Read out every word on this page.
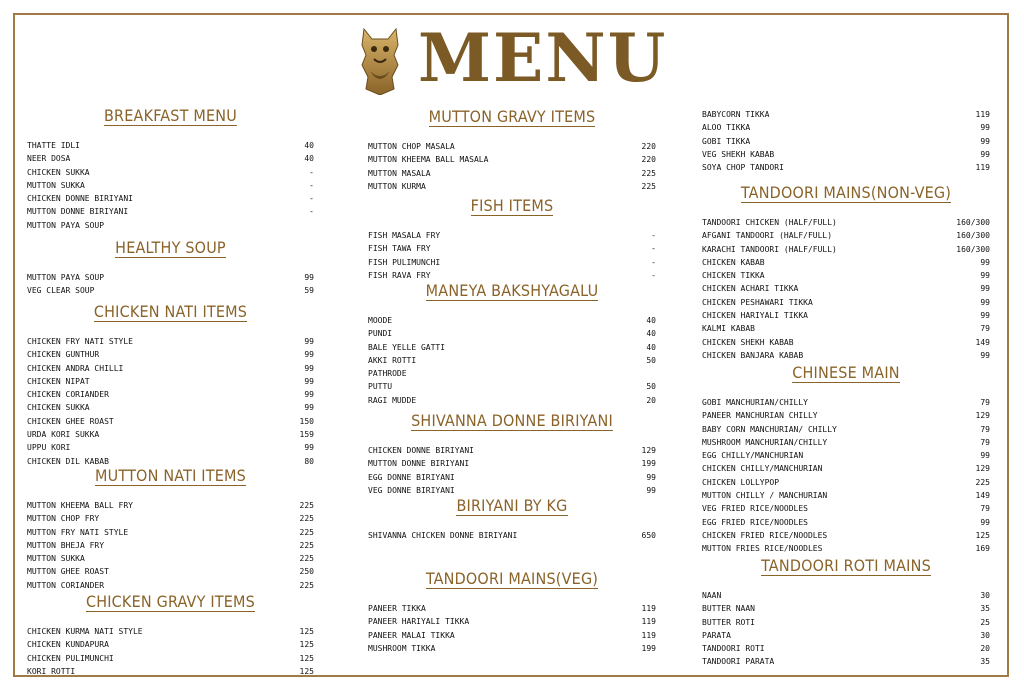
MENU
BREAKFAST MENU
THATTE IDLI	40
NEER DOSA	40
CHICKEN SUKKA	-
MUTTON SUKKA	-
CHICKEN DONNE BIRIYANI	-
MUTTON DONNE BIRIYANI	-
MUTTON PAYA SOUP
HEALTHY SOUP
MUTTON PAYA SOUP	99
VEG CLEAR SOUP	59
CHICKEN NATI ITEMS
CHICKEN FRY NATI STYLE	99
CHICKEN GUNTHUR	99
CHICKEN ANDRA CHILLI	99
CHICKEN NIPAT	99
CHICKEN CORIANDER	99
CHICKEN SUKKA	99
CHICKEN GHEE ROAST	150
URDA KORI SUKKA	159
UPPU KORI	99
CHICKEN DIL KABAB	80
MUTTON NATI ITEMS
MUTTON KHEEMA BALL FRY	225
MUTTON CHOP FRY	225
MUTTON FRY NATI STYLE	225
MUTTON BHEJA FRY	225
MUTTON SUKKA	225
MUTTON GHEE ROAST	250
MUTTON CORIANDER	225
CHICKEN GRAVY ITEMS
CHICKEN KURMA NATI STYLE	125
CHICKEN KUNDAPURA	125
CHICKEN PULIMUNCHI	125
KORI ROTTI	125
MUTTON GRAVY ITEMS
MUTTON CHOP MASALA	220
MUTTON KHEEMA BALL MASALA	220
MUTTON MASALA	225
MUTTON KURMA	225
FISH ITEMS
FISH MASALA FRY	-
FISH TAWA FRY	-
FISH PULIMUNCHI	-
FISH RAVA FRY	-
MANEYA BAKSHYAGALU
MOODE	40
PUNDI	40
BALE YELLE GATTI	40
AKKI ROTTI	50
PATHRODE
PUTTU	50
RAGI MUDDE	20
SHIVANNA DONNE BIRIYANI
CHICKEN DONNE BIRIYANI	129
MUTTON DONNE BIRIYANI	199
EGG DONNE BIRIYANI	99
VEG DONNE BIRIYANI	99
BIRIYANI BY KG
SHIVANNA CHICKEN DONNE BIRIYANI	650
TANDOORI MAINS(VEG)
PANEER TIKKA	119
PANEER HARIYALI TIKKA	119
PANEER MALAI TIKKA	119
MUSHROOM TIKKA	199
BABYCORN TIKKA	119
ALOO TIKKA	99
GOBI TIKKA	99
VEG SHEKH KABAB	99
SOYA CHOP TANDORI	119
TANDOORI MAINS(NON-VEG)
TANDOORI CHICKEN (HALF/FULL)	160/300
AFGANI TANDOORI (HALF/FULL)	160/300
KARACHI TANDOORI (HALF/FULL)	160/300
CHICKEN KABAB	99
CHICKEN TIKKA	99
CHICKEN ACHARI TIKKA	99
CHICKEN PESHAWARI TIKKA	99
CHICKEN HARIYALI TIKKA	99
KALMI KABAB	79
CHICKEN SHEKH KABAB	149
CHICKEN BANJARA KABAB	99
CHINESE MAIN
GOBI MANCHURIAN/CHILLY	79
PANEER MANCHURIAN CHILLY	129
BABY CORN MANCHURIAN/ CHILLY	79
MUSHROOM MANCHURIAN/CHILLY	79
EGG CHILLY/MANCHURIAN	99
CHICKEN CHILLY/MANCHURIAN	129
CHICKEN LOLLYPOP	225
MUTTON CHILLY / MANCHURIAN	149
VEG FRIED RICE/NOODLES	79
EGG FRIED RICE/NOODLES	99
CHICKEN FRIED RICE/NOODLES	125
MUTTON FRIES RICE/NOODLES	169
TANDOORI ROTI MAINS
NAAN	30
BUTTER NAAN	35
BUTTER ROTI	25
PARATA	30
TANDOORI ROTI	20
TANDOORI PARATA	35
